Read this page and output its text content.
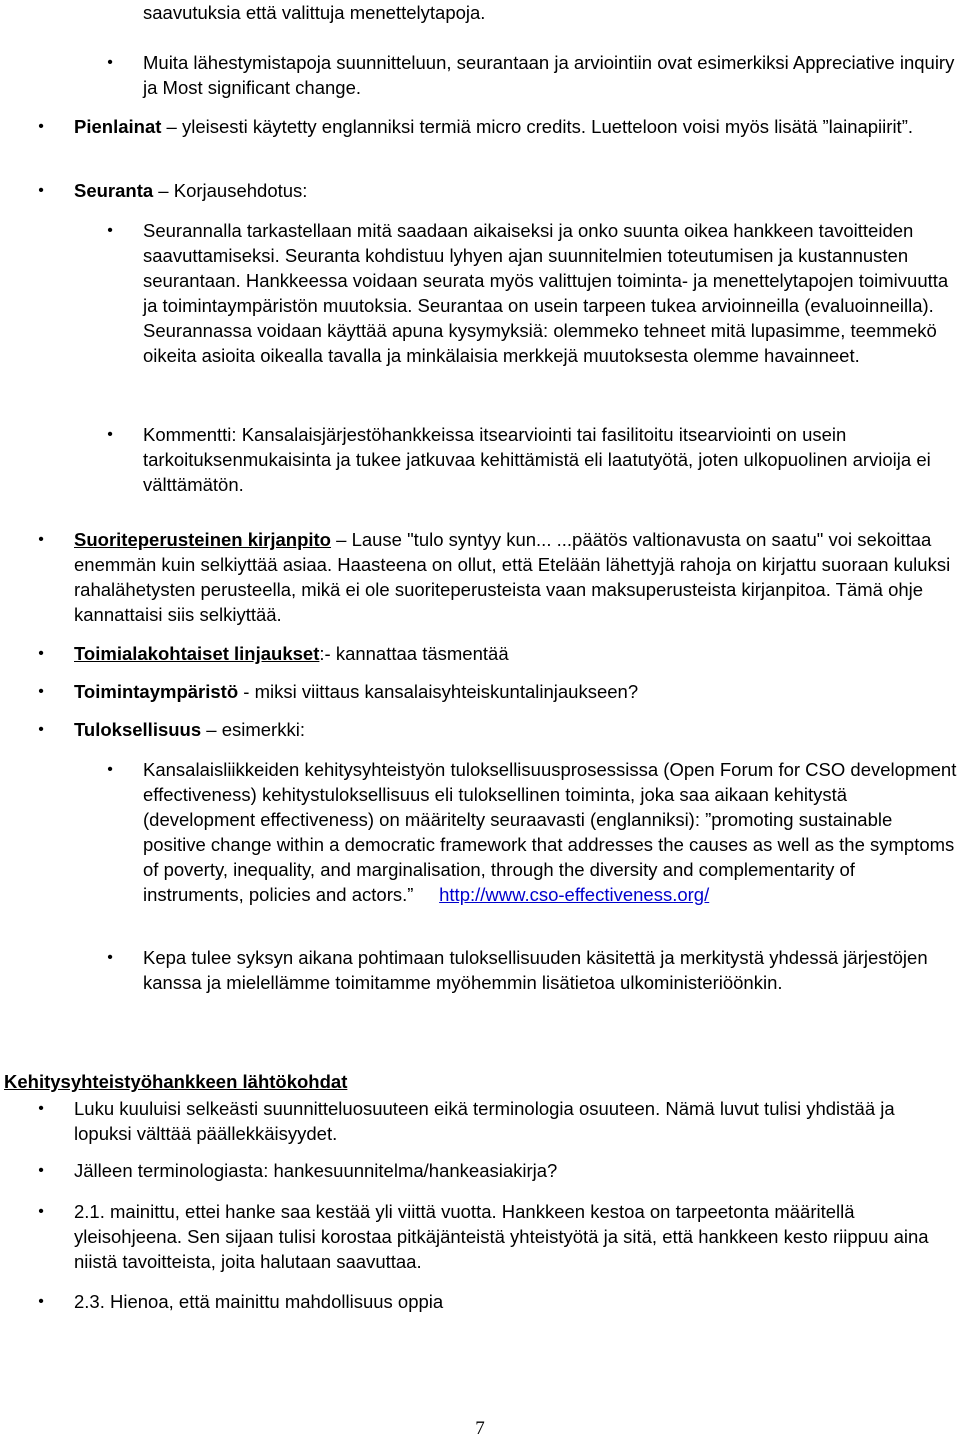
saavutuksia että valittuja menettelytapoja.
• Muita lähestymistapoja suunnitteluun, seurantaan ja arviointiin ovat esimerkiksi Appreciative inquiry ja Most significant change.
• Pienlainat – yleisesti käytetty englanniksi termiä micro credits. Luetteloon voisi myös lisätä ”lainapiirit”.
• Seuranta – Korjausehdotus:
• Seurannalla tarkastellaan mitä saadaan aikaiseksi ja onko suunta oikea hankkeen tavoitteiden saavuttamiseksi. Seuranta kohdistuu lyhyen ajan suunnitelmien toteutumisen ja kustannusten seurantaan. Hankkeessa voidaan seurata myös valittujen toiminta- ja menettelytapojen toimivuutta ja toimintaympäristön muutoksia. Seurantaa on usein tarpeen tukea arvioinneilla (evaluoinneilla). Seurannassa voidaan käyttää apuna kysymyksiä: olemmeko tehneet mitä lupasimme, teemmekö oikeita asioita oikealla tavalla ja minkälaisia merkkejä muutoksesta olemme havainneet.
• Kommentti: Kansalaisjärjestöhankkeissa itsearviointi tai fasilitoitu itsearviointi on usein tarkoituksenmukaisinta ja tukee jatkuvaa kehittämistä eli laatutyötä, joten ulkopuolinen arvioija ei välttämätön.
• Suoriteperusteinen kirjanpito – Lause "tulo syntyy kun... ...päätös valtionavusta on saatu" voi sekoittaa enemmän kuin selkiyttää asiaa. Haasteena on ollut, että Etelään lähettyjä rahoja on kirjattu suoraan kuluksi rahalähetysten perusteella, mikä ei ole suoriteperusteista vaan maksuperusteista kirjanpitoa. Tämä ohje kannattaisi siis selkiyttää.
• Toimialakohtaiset linjaukset:- kannattaa täsmentää
• Toimintaympäristö - miksi viittaus kansalaisyhteiskuntalinjaukseen?
• Tuloksellisuus – esimerkki:
• Kansalaisliikkeiden kehitysyhteistyön tuloksellisuusprosessissa (Open Forum for CSO development effectiveness) kehitystuloksellisuus eli tuloksellinen toiminta, joka saa aikaan kehitystä (development effectiveness) on määritelty seuraavasti (englanniksi): ”promoting sustainable positive change within a democratic framework that addresses the causes as well as the symptoms of poverty, inequality, and marginalisation, through the diversity and complementarity of instruments, policies and actors.” http://www.cso-effectiveness.org/
• Kepa tulee syksyn aikana pohtimaan tuloksellisuuden käsitettä ja merkitystä yhdessä järjestöjen kanssa ja mielellämme toimitamme myöhemmin lisätietoa ulkoministeriöönkin.
Kehitysyhteistyöhankkeen lähtökohdat
• Luku kuuluisi selkeästi suunnitteluosuuteen eikä terminologia osuuteen. Nämä luvut tulisi yhdistää ja lopuksi välttää päällekkäisyydet.
• Jälleen terminologiasta: hankesuunnitelma/hankeasiakirja?
• 2.1. mainittu, ettei hanke saa kestää yli viittä vuotta. Hankkeen kestoa on tarpeetonta määritellä yleisohjeena. Sen sijaan tulisi korostaa pitkäjänteistä yhteistyötä ja sitä, että hankkeen kesto riippuu aina niistä tavoitteista, joita halutaan saavuttaa.
• 2.3. Hienoa, että mainittu mahdollisuus oppia
7
